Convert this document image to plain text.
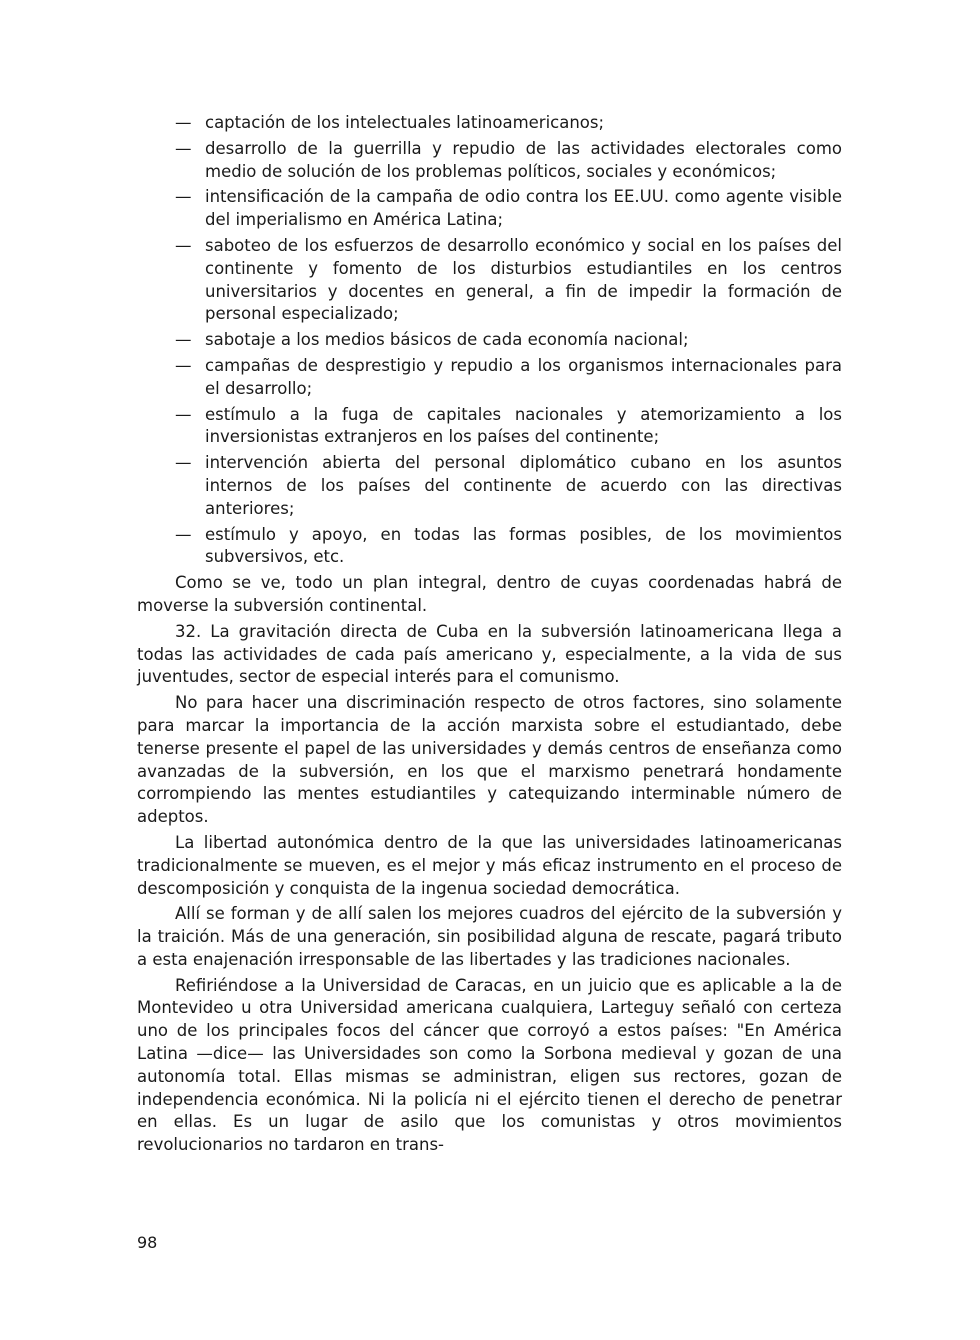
— captación de los intelectuales latinoamericanos;
— desarrollo de la guerrilla y repudio de las actividades electorales como medio de solución de los problemas políticos, sociales y económicos;
— intensificación de la campaña de odio contra los EE.UU. como agente visible del imperialismo en América Latina;
— saboteo de los esfuerzos de desarrollo económico y social en los países del continente y fomento de los disturbios estudiantiles en los centros universitarios y docentes en general, a fin de impedir la formación de personal especializado;
— sabotaje a los medios básicos de cada economía nacional;
— campañas de desprestigio y repudio a los organismos internacionales para el desarrollo;
— estímulo a la fuga de capitales nacionales y atemorizamiento a los inversionistas extranjeros en los países del continente;
— intervención abierta del personal diplomático cubano en los asuntos internos de los países del continente de acuerdo con las directivas anteriores;
— estímulo y apoyo, en todas las formas posibles, de los movimientos subversivos, etc.

Como se ve, todo un plan integral, dentro de cuyas coordenadas habrá de moverse la subversión continental.

32. La gravitación directa de Cuba en la subversión latinoamericana llega a todas las actividades de cada país americano y, especialmente, a la vida de sus juventudes, sector de especial interés para el comunismo.

No para hacer una discriminación respecto de otros factores, sino solamente para marcar la importancia de la acción marxista sobre el estudiantado, debe tenerse presente el papel de las universidades y demás centros de enseñanza como avanzadas de la subversión, en los que el marxismo penetrará hondamente corrompiendo las mentes estudiantiles y catequizando interminable número de adeptos.

La libertad autonómica dentro de la que las universidades latinoamericanas tradicionalmente se mueven, es el mejor y más eficaz instrumento en el proceso de descomposición y conquista de la ingenua sociedad democrática.

Allí se forman y de allí salen los mejores cuadros del ejército de la subversión y la traición. Más de una generación, sin posibilidad alguna de rescate, pagará tributo a esta enajenación irresponsable de las libertades y las tradiciones nacionales.

Refiriéndose a la Universidad de Caracas, en un juicio que es aplicable a la de Montevideo u otra Universidad americana cualquiera, Larteguy señaló con certeza uno de los principales focos del cáncer que corroyó a estos países: "En América Latina —dice— las Universidades son como la Sorbona medieval y gozan de una autonomía total. Ellas mismas se administran, eligen sus rectores, gozan de independencia económica. Ni la policía ni el ejército tienen el derecho de penetrar en ellas. Es un lugar de asilo que los comunistas y otros movimientos revolucionarios no tardaron en trans-

98
